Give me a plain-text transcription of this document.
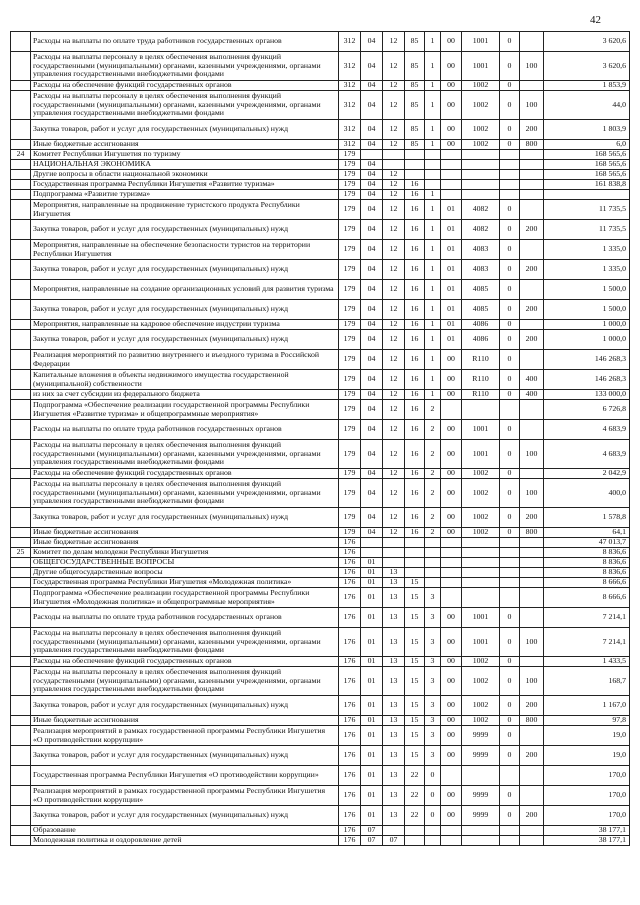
42
	Расходы на выплаты по оплате труда работников государственных органов	312	04	12	85	1	00	1001	0		3 620,6
	Расходы на выплаты персоналу в целях обеспечения выполнения функций государственными (муниципальными) органами, казенными учреждениями, органами управления государственными внебюджетными фондами	312	04	12	85	1	00	1001	0	100	3 620,6
	Расходы на обеспечение функций государственных органов	312	04	12	85	1	00	1002	0		1 853,9
	Расходы на выплаты персоналу в целях обеспечения выполнения функций государственными (муниципальными) органами, казенными учреждениями, органами управления государственными внебюджетными фондами	312	04	12	85	1	00	1002	0	100	44,0
	Закупка товаров, работ и услуг для государственных (муниципальных) нужд	312	04	12	85	1	00	1002	0	200	1 803,9
	Иные бюджетные ассигнования	312	04	12	85	1	00	1002	0	800	6,0
24	Комитет Республики Ингушетия по туризму	179									168 565,6
	НАЦИОНАЛЬНАЯ ЭКОНОМИКА	179	04								168 565,6
	Другие вопросы в области национальной экономики	179	04	12							168 565,6
	Государственная программа Республики Ингушетия «Развитие туризма»	179	04	12	16						161 838,8
	Подпрограмма «Развитие туризма»	179	04	12	16	1					
	Мероприятия, направленные на продвижение туристского продукта Республики Ингушетия	179	04	12	16	1	01	4082	0		11 735,5
	Закупка товаров, работ и услуг для государственных (муниципальных) нужд	179	04	12	16	1	01	4082	0	200	11 735,5
	Мероприятия, направленные на обеспечение безопасности туристов на территории Республики Ингушетия	179	04	12	16	1	01	4083	0		1 335,0
	Закупка товаров, работ и услуг для государственных (муниципальных) нужд	179	04	12	16	1	01	4083	0	200	1 335,0
	Мероприятия, направленные на создание организационных условий для развития туризма	179	04	12	16	1	01	4085	0		1 500,0
	Закупка товаров, работ и услуг для государственных (муниципальных) нужд	179	04	12	16	1	01	4085	0	200	1 500,0
	Мероприятия, направленные на кадровое обеспечение индустрии туризма	179	04	12	16	1	01	4086	0		1 000,0
	Закупка товаров, работ и услуг для государственных (муниципальных) нужд	179	04	12	16	1	01	4086	0	200	1 000,0
	Реализация мероприятий по развитию внутреннего и въездного туризма в Российской Федерации	179	04	12	16	1	00	R110	0		146 268,3
	Капитальные вложения в объекты недвижимого имущества государственной (муниципальной) собственности	179	04	12	16	1	00	R110	0	400	146 268,3
	из них за счет субсидии из федерального бюджета	179	04	12	16	1	00	R110	0	400	133 000,0
	Подпрограмма «Обеспечение реализации государственной программы Республики Ингушетия «Развитие туризма» и общепрограммные мероприятия»	179	04	12	16	2					6 726,8
	Расходы на выплаты по оплате труда работников государственных органов	179	04	12	16	2	00	1001	0		4 683,9
	Расходы на выплаты персоналу в целях обеспечения выполнения функций государственными (муниципальными) органами, казенными учреждениями, органами управления государственными внебюджетными фондами	179	04	12	16	2	00	1001	0	100	4 683,9
	Расходы на обеспечение функций государственных органов	179	04	12	16	2	00	1002	0		2 042,9
	Расходы на выплаты персоналу в целях обеспечения выполнения функций государственными (муниципальными) органами, казенными учреждениями, органами управления государственными внебюджетными фондами	179	04	12	16	2	00	1002	0	100	400,0
	Закупка товаров, работ и услуг для государственных (муниципальных) нужд	179	04	12	16	2	00	1002	0	200	1 578,8
	Иные бюджетные ассигнования	179	04	12	16	2	00	1002	0	800	64,1
	Иные бюджетные ассигнования	176									47 013,7
25	Комитет по делам молодежи Республики Ингушетия	176									8 836,6
	ОБЩЕГОСУДАРСТВЕННЫЕ ВОПРОСЫ	176	01								8 836,6
	Другие общегосударственные вопросы	176	01	13							8 836,6
	Государственная программа Республики Ингушетия «Молодежная политика»	176	01	13	15						8 666,6
	Подпрограмма «Обеспечение реализации государственной программы Республики Ингушетия «Молодежная политика» и общепрограммные мероприятия»	176	01	13	15	3					8 666,6
	Расходы на выплаты по оплате труда работников государственных органов	176	01	13	15	3	00	1001	0		7 214,1
	Расходы на выплаты персоналу в целях обеспечения выполнения функций государственными (муниципальными) органами, казенными учреждениями, органами управления государственными внебюджетными фондами	176	01	13	15	3	00	1001	0	100	7 214,1
	Расходы на обеспечение функций государственных органов	176	01	13	15	3	00	1002	0		1 433,5
	Расходы на выплаты персоналу в целях обеспечения выполнения функций государственными (муниципальными) органами, казенными учреждениями, органами управления государственными внебюджетными фондами	176	01	13	15	3	00	1002	0	100	168,7
	Закупка товаров, работ и услуг для государственных (муниципальных) нужд	176	01	13	15	3	00	1002	0	200	1 167,0
	Иные бюджетные ассигнования	176	01	13	15	3	00	1002	0	800	97,8
	Реализация мероприятий в рамках государственной программы Республики Ингушетия «О противодействии коррупции»	176	01	13	15	3	00	9999	0		19,0
	Закупка товаров, работ и услуг для государственных (муниципальных) нужд	176	01	13	15	3	00	9999	0	200	19,0
	Государственная программа Республики Ингушетия «О противодействии коррупции»	176	01	13	22	0					170,0
	Реализация мероприятий в рамках государственной программы Республики Ингушетия «О противодействии коррупции»	176	01	13	22	0	00	9999	0		170,0
	Закупка товаров, работ и услуг для государственных (муниципальных) нужд	176	01	13	22	0	00	9999	0	200	170,0
	Образование	176	07								38 177,1
	Молодежная политика и оздоровление детей	176	07	07							38 177,1
